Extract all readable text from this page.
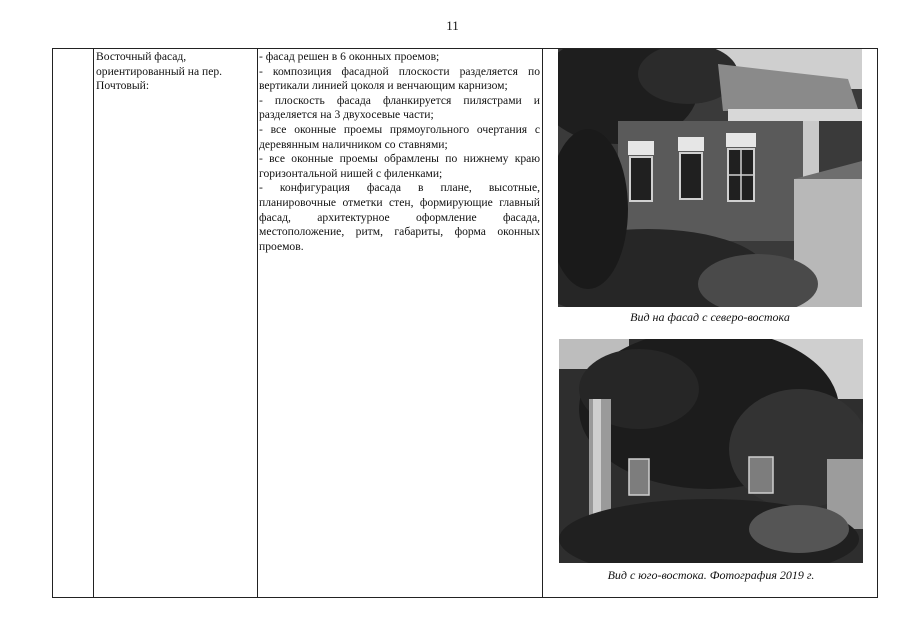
11
Восточный фасад,
ориентированный на пер.
Почтовый:

- фасад решен в 6 оконных проемов;

- композиция фасадной плоскости разделяется по вертикали линией цоколя и венчающим карнизом;

- плоскость фасада фланкируется пилястрами и разделяется на 3 двухосевые части;

- все оконные проемы прямоугольного очертания с деревянным наличником со ставнями;

- все оконные проемы обрамлены по нижнему краю горизонтальной нишей с филенками;

- конфигурация фасада в плане, высотные, планировочные отметки стен, формирующие главный фасад, архитектурное оформление фасада, местоположение, ритм, габариты, форма оконных проемов.

Вид на фасад с северо-востока
Вид с юго-востока. Фотография 2019 г.
